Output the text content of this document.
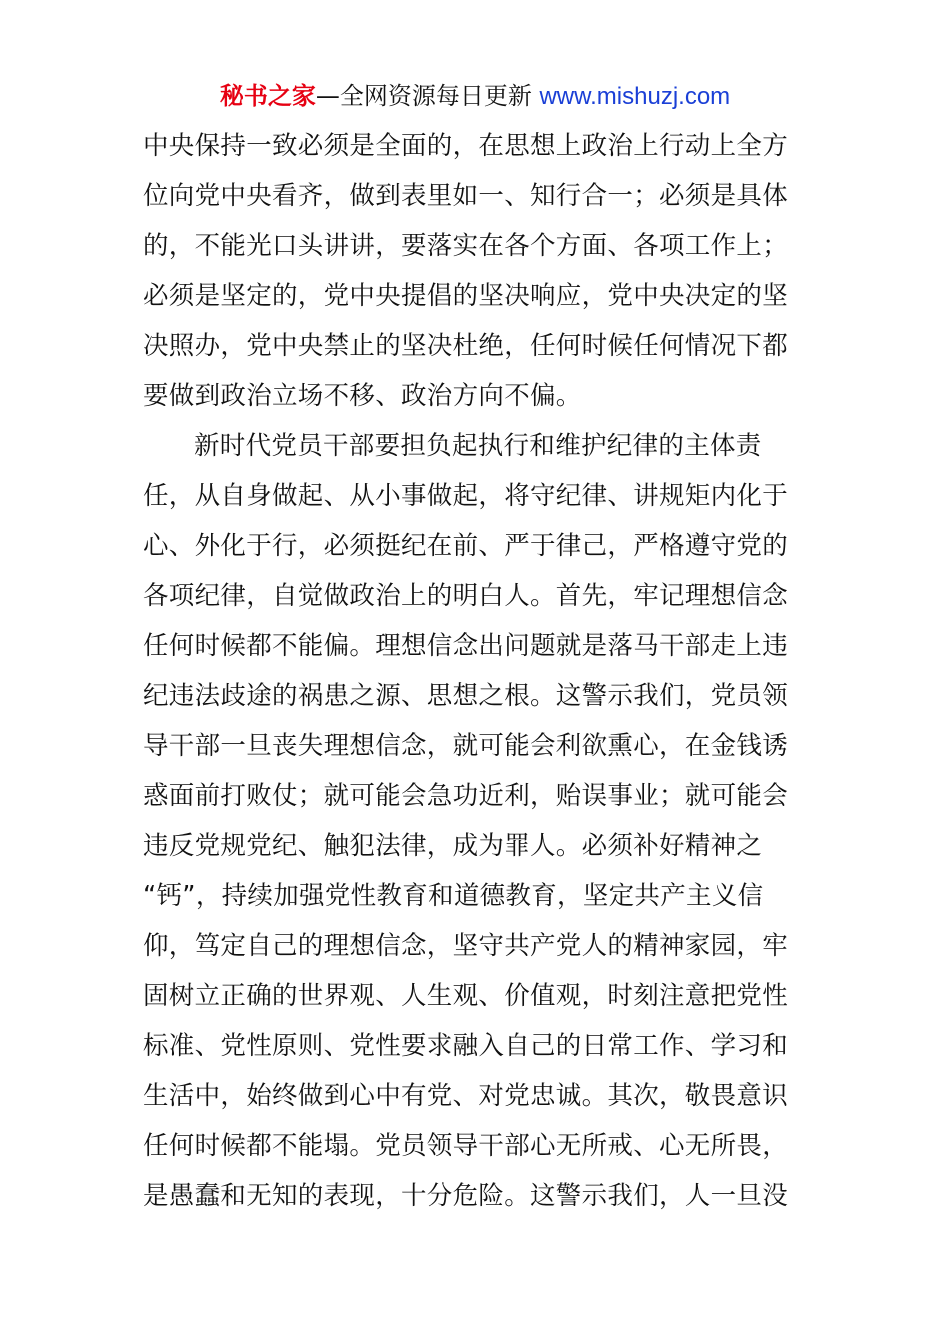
秘书之家—全网资源每日更新 www.mishuzj.com
中央保持一致必须是全面的，在思想上政治上行动上全方
位向党中央看齐，做到表里如一、知行合一；必须是具体
的，不能光口头讲讲，要落实在各个方面、各项工作上；
必须是坚定的，党中央提倡的坚决响应，党中央决定的坚
决照办，党中央禁止的坚决杜绝，任何时候任何情况下都
要做到政治立场不移、政治方向不偏。
新时代党员干部要担负起执行和维护纪律的主体责
任，从自身做起、从小事做起，将守纪律、讲规矩内化于
心、外化于行，必须挺纪在前、严于律己，严格遵守党的
各项纪律，自觉做政治上的明白人。首先，牢记理想信念
任何时候都不能偏。理想信念出问题就是落马干部走上违
纪违法歧途的祸患之源、思想之根。这警示我们，党员领
导干部一旦丧失理想信念，就可能会利欲熏心，在金钱诱
惑面前打败仗；就可能会急功近利，贻误事业；就可能会
违反党规党纪、触犯法律，成为罪人。必须补好精神之
“钙”，持续加强党性教育和道德教育，坚定共产主义信
仰，笃定自己的理想信念，坚守共产党人的精神家园，牢
固树立正确的世界观、人生观、价值观，时刻注意把党性
标准、党性原则、党性要求融入自己的日常工作、学习和
生活中，始终做到心中有党、对党忠诚。其次，敬畏意识
任何时候都不能塌。党员领导干部心无所戒、心无所畏，
是愚蠢和无知的表现，十分危险。这警示我们，人一旦没
